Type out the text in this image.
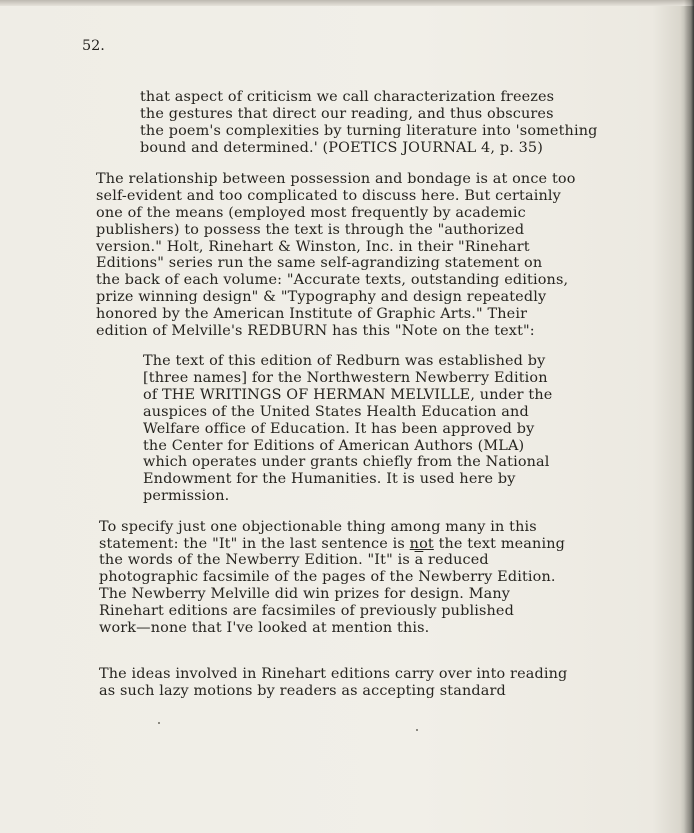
52.
that aspect of criticism we call characterization freezes
the gestures that direct our reading, and thus obscures
the poem's complexities by turning literature into 'something
bound and determined.' (POETICS JOURNAL 4, p. 35)
The relationship between possession and bondage is at once too
self-evident and too complicated to discuss here. But certainly
one of the means (employed most frequently by academic
publishers) to possess the text is through the "authorized
version." Holt, Rinehart & Winston, Inc. in their "Rinehart
Editions" series run the same self-agrandizing statement on
the back of each volume: "Accurate texts, outstanding editions,
prize winning design" & "Typography and design repeatedly
honored by the American Institute of Graphic Arts." Their
edition of Melville's REDBURN has this "Note on the text":
The text of this edition of Redburn was established by
[three names] for the Northwestern Newberry Edition
of THE WRITINGS OF HERMAN MELVILLE, under the
auspices of the United States Health Education and
Welfare office of Education. It has been approved by
the Center for Editions of American Authors (MLA)
which operates under grants chiefly from the National
Endowment for the Humanities. It is used here by
permission.
To specify just one objectionable thing among many in this
statement: the "It" in the last sentence is not the text meaning
the words of the Newberry Edition. "It" is $\overline{a}$ reduced
photographic facsimile of the pages of the Newberry Edition.
The Newberry Melville did win prizes for design. Many
Rinehart editions are facsimiles of previously published
work—none that I've looked at mention this.
The ideas involved in Rinehart editions carry over into reading
as such lazy motions by readers as accepting standard
